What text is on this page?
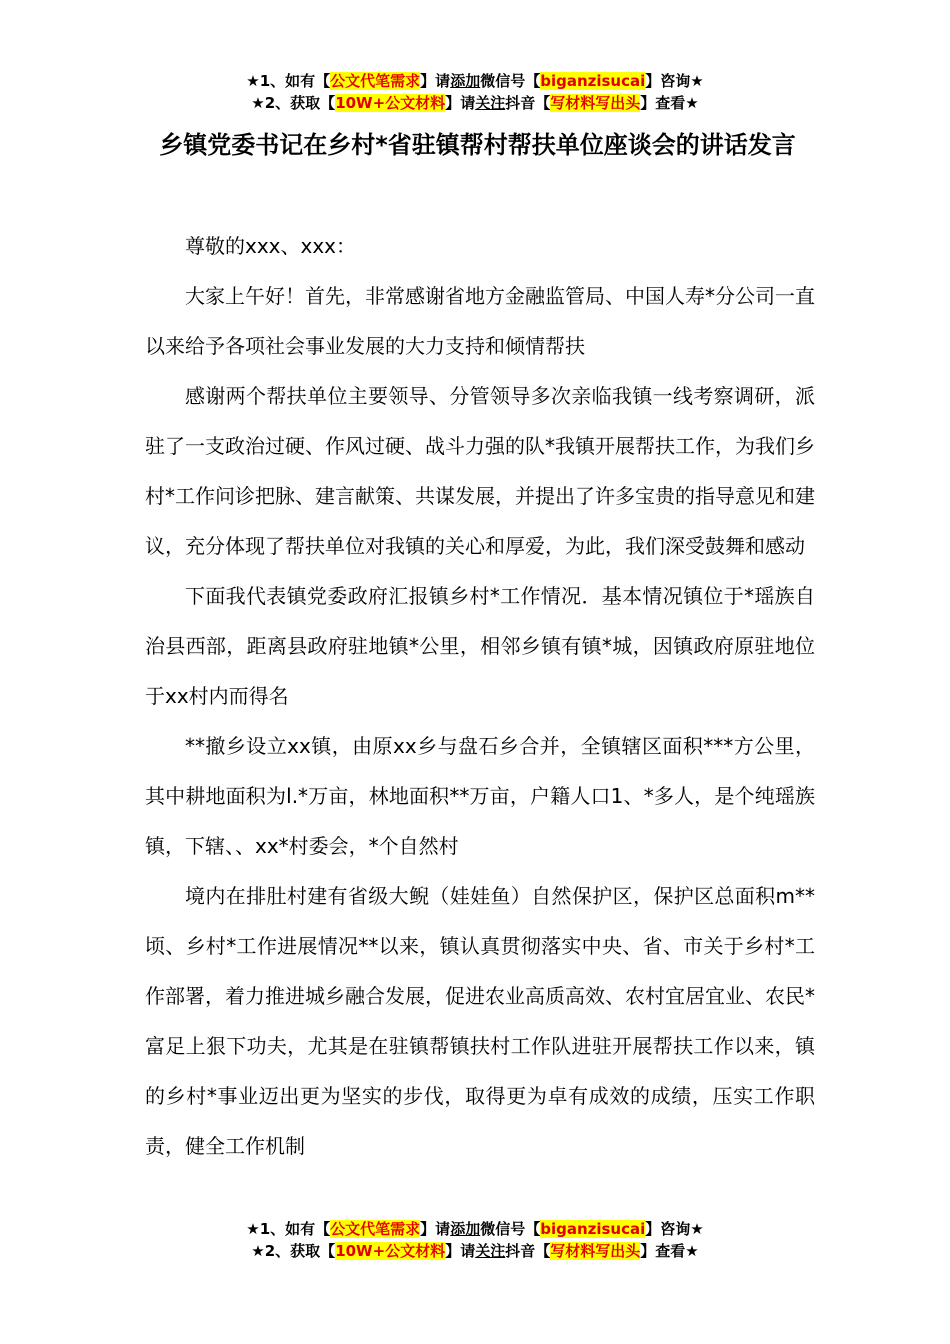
★1、如有【公文代笔需求】请添加微信号【biganzisucai】咨询★
★2、获取【10W+公文材料】请关注抖音【写材料写出头】查看★
乡镇党委书记在乡村*省驻镇帮村帮扶单位座谈会的讲话发言

尊敬的xxx、xxx：

大家上午好！首先，非常感谢省地方金融监管局、中国人寿*分公司一直以来给予各项社会事业发展的大力支持和倾情帮扶

感谢两个帮扶单位主要领导、分管领导多次亲临我镇一线考察调研，派驻了一支政治过硬、作风过硬、战斗力强的队*我镇开展帮扶工作，为我们乡村*工作问诊把脉、建言献策、共谋发展，并提出了许多宝贵的指导意见和建议，充分体现了帮扶单位对我镇的关心和厚爱，为此，我们深受鼓舞和感动

下面我代表镇党委政府汇报镇乡村*工作情况．基本情况镇位于*瑶族自治县西部，距离县政府驻地镇*公里，相邻乡镇有镇*城，因镇政府原驻地位于xx村内而得名

**撤乡设立xx镇，由原xx乡与盘石乡合并，全镇辖区面积***方公里，其中耕地面积为l.*万亩，林地面积**万亩，户籍人口1、*多人，是个纯瑶族镇，下辖、、xx*村委会，*个自然村

境内在排肚村建有省级大鲵（娃娃鱼）自然保护区，保护区总面积m**顷、乡村*工作进展情况**以来，镇认真贯彻落实中央、省、市关于乡村*工作部署，着力推进城乡融合发展，促进农业高质高效、农村宜居宜业、农民*富足上狠下功夫，尤其是在驻镇帮镇扶村工作队进驻开展帮扶工作以来，镇的乡村*事业迈出更为坚实的步伐，取得更为卓有成效的成绩，压实工作职责，健全工作机制

★1、如有【公文代笔需求】请添加微信号【biganzisucai】咨询★
★2、获取【10W+公文材料】请关注抖音【写材料写出头】查看★
